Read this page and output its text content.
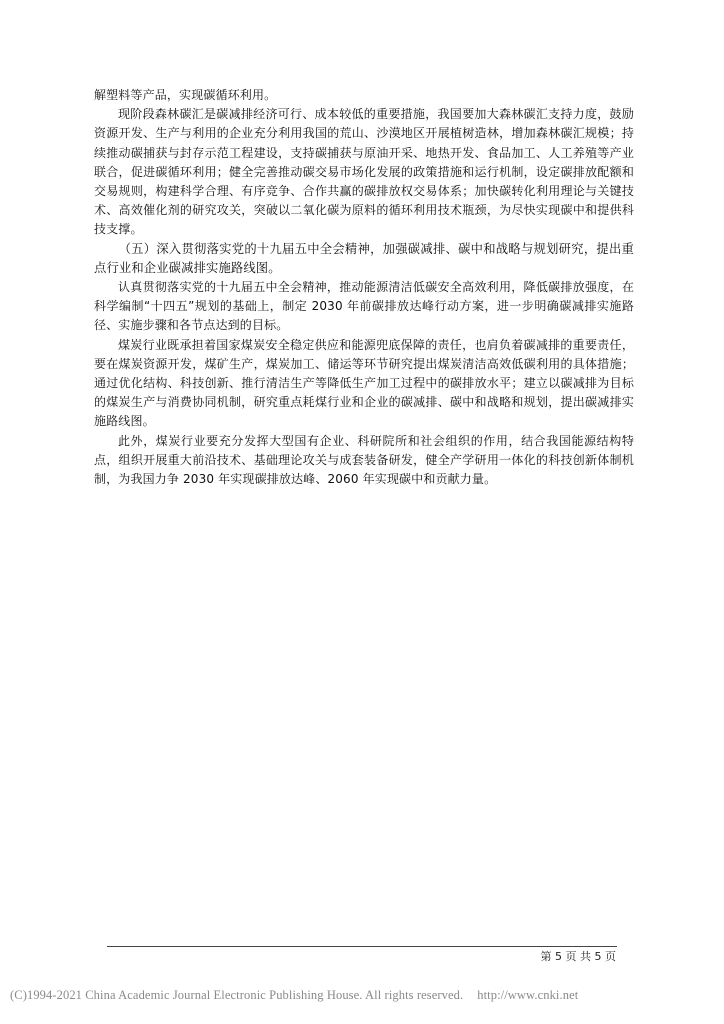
解塑料等产品，实现碳循环利用。

现阶段森林碳汇是碳减排经济可行、成本较低的重要措施，我国要加大森林碳汇支持力度，鼓励资源开发、生产与利用的企业充分利用我国的荒山、沙漠地区开展植树造林，增加森林碳汇规模；持续推动碳捕获与封存示范工程建设，支持碳捕获与原油开采、地热开发、食品加工、人工养殖等产业联合，促进碳循环利用；健全完善推动碳交易市场化发展的政策措施和运行机制，设定碳排放配额和交易规则，构建科学合理、有序竞争、合作共赢的碳排放权交易体系；加快碳转化利用理论与关键技术、高效催化剂的研究攻关，突破以二氧化碳为原料的循环利用技术瓶颈，为尽快实现碳中和提供科技支撑。

（五）深入贯彻落实党的十九届五中全会精神，加强碳减排、碳中和战略与规划研究，提出重点行业和企业碳减排实施路线图。

认真贯彻落实党的十九届五中全会精神，推动能源清洁低碳安全高效利用，降低碳排放强度，在科学编制“十四五”规划的基础上，制定 2030 年前碳排放达峰行动方案，进一步明确碳减排实施路径、实施步骤和各节点达到的目标。

煤炭行业既承担着国家煤炭安全稳定供应和能源兜底保障的责任，也肩负着碳减排的重要责任，要在煤炭资源开发，煤矿生产，煤炭加工、储运等环节研究提出煤炭清洁高效低碳利用的具体措施；通过优化结构、科技创新、推行清洁生产等降低生产加工过程中的碳排放水平；建立以碳减排为目标的煤炭生产与消费协同机制，研究重点耗煤行业和企业的碳减排、碳中和战略和规划，提出碳减排实施路线图。

此外，煤炭行业要充分发挥大型国有企业、科研院所和社会组织的作用，结合我国能源结构特点，组织开展重大前沿技术、基础理论攻关与成套装备研发，健全产学研用一体化的科技创新体制机制，为我国力争 2030 年实现碳排放达峰、2060 年实现碳中和贡献力量。

第 5 页 共 5 页
(C)1994-2021 China Academic Journal Electronic Publishing House. All rights reserved. http://www.cnki.net
